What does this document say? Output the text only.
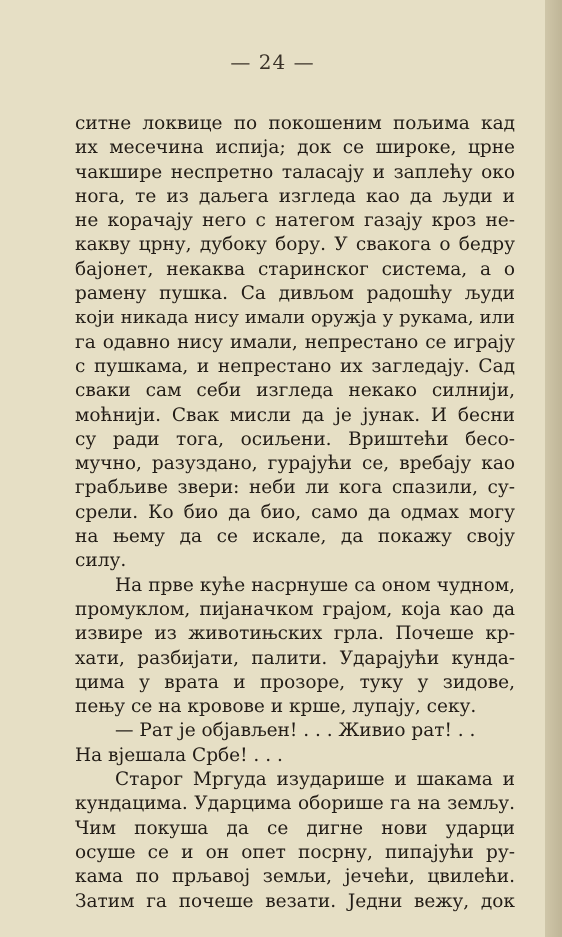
— 24 —
ситне локвице по покошеним пољима кад
их месечина испија; док се широке, црне
чакшире неспретно таласају и заплећу око
нога, те из даљега изгледа као да људи и
не корачају него с натегом газају кроз не-
какву црну, дубоку бору. У свакога о бедру
бајонет, некаква старинског система, а о
рамену пушка. Са дивљом радошћу људи
који никада нису имали оружја у рукама, или
га одавно нису имали, непрестано се играју
с пушкама, и непрестано их загледају. Сад
сваки сам себи изгледа некако силнији,
моћнији. Свак мисли да је јунак. И бесни
су ради тога, осиљени. Вриштећи бесо-
мучно, разуздано, гурајући се, вребају као
грабљиве звери: неби ли кога спазили, су-
срели. Ко био да био, само да одмах могу
на њему да се искале, да покажу своју
силу.
На прве куће насрнуше са оном чудном,
промуклом, пијаначком грајом, која као да
извире из животињских грла. Почеше кр-
хати, разбијати, палити. Ударајући кунда-
цима у врата и прозоре, туку у зидове,
пењу се на кровове и крше, лупају, секу.
— Рат је објављен! . . . Живио рат! . .
На вјешала Србе! . . .
Старог Мргуда изударише и шакама и
кундацима. Ударцима оборише га на земљу.
Чим покуша да се дигне нови ударци
осуше се и он опет посрну, пипајући ру-
кама по прљавој земљи, јечећи, цвилећи.
Затим га почеше везати. Једни вежу, док
